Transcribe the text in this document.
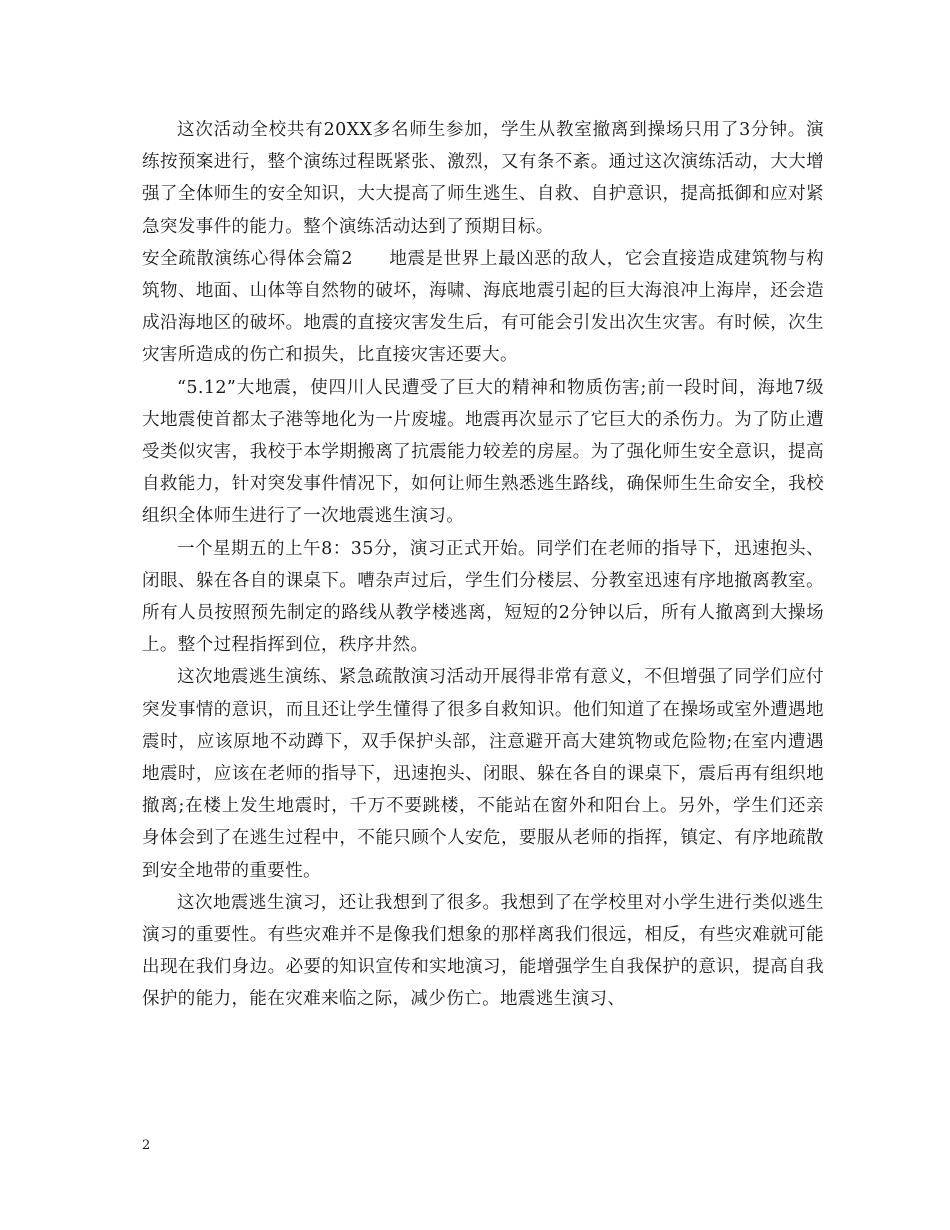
这次活动全校共有20XX多名师生参加，学生从教室撤离到操场只用了3分钟。演练按预案进行，整个演练过程既紧张、激烈，又有条不紊。通过这次演练活动，大大增强了全体师生的安全知识，大大提高了师生逃生、自救、自护意识，提高抵御和应对紧急突发事件的能力。整个演练活动达到了预期目标。

安全疏散演练心得体会篇2　　地震是世界上最凶恶的敌人，它会直接造成建筑物与构筑物、地面、山体等自然物的破坏，海啸、海底地震引起的巨大海浪冲上海岸，还会造成沿海地区的破坏。地震的直接灾害发生后，有可能会引发出次生灾害。有时候，次生灾害所造成的伤亡和损失，比直接灾害还要大。

“5.12”大地震，使四川人民遭受了巨大的精神和物质伤害;前一段时间，海地7级大地震使首都太子港等地化为一片废墟。地震再次显示了它巨大的杀伤力。为了防止遭受类似灾害，我校于本学期搬离了抗震能力较差的房屋。为了强化师生安全意识，提高自救能力，针对突发事件情况下，如何让师生熟悉逃生路线，确保师生生命安全，我校组织全体师生进行了一次地震逃生演习。

一个星期五的上午8：35分，演习正式开始。同学们在老师的指导下，迅速抱头、闭眼、躲在各自的课桌下。嘈杂声过后，学生们分楼层、分教室迅速有序地撤离教室。所有人员按照预先制定的路线从教学楼逃离，短短的2分钟以后，所有人撤离到大操场上。整个过程指挥到位，秩序井然。

这次地震逃生演练、紧急疏散演习活动开展得非常有意义，不但增强了同学们应付突发事情的意识，而且还让学生懂得了很多自救知识。他们知道了在操场或室外遭遇地震时，应该原地不动蹲下，双手保护头部，注意避开高大建筑物或危险物;在室内遭遇地震时，应该在老师的指导下，迅速抱头、闭眼、躲在各自的课桌下，震后再有组织地撤离;在楼上发生地震时，千万不要跳楼，不能站在窗外和阳台上。另外，学生们还亲身体会到了在逃生过程中，不能只顾个人安危，要服从老师的指挥，镇定、有序地疏散到安全地带的重要性。

这次地震逃生演习，还让我想到了很多。我想到了在学校里对小学生进行类似逃生演习的重要性。有些灾难并不是像我们想象的那样离我们很远，相反，有些灾难就可能出现在我们身边。必要的知识宣传和实地演习，能增强学生自我保护的意识，提高自我保护的能力，能在灾难来临之际，减少伤亡。地震逃生演习、

2
